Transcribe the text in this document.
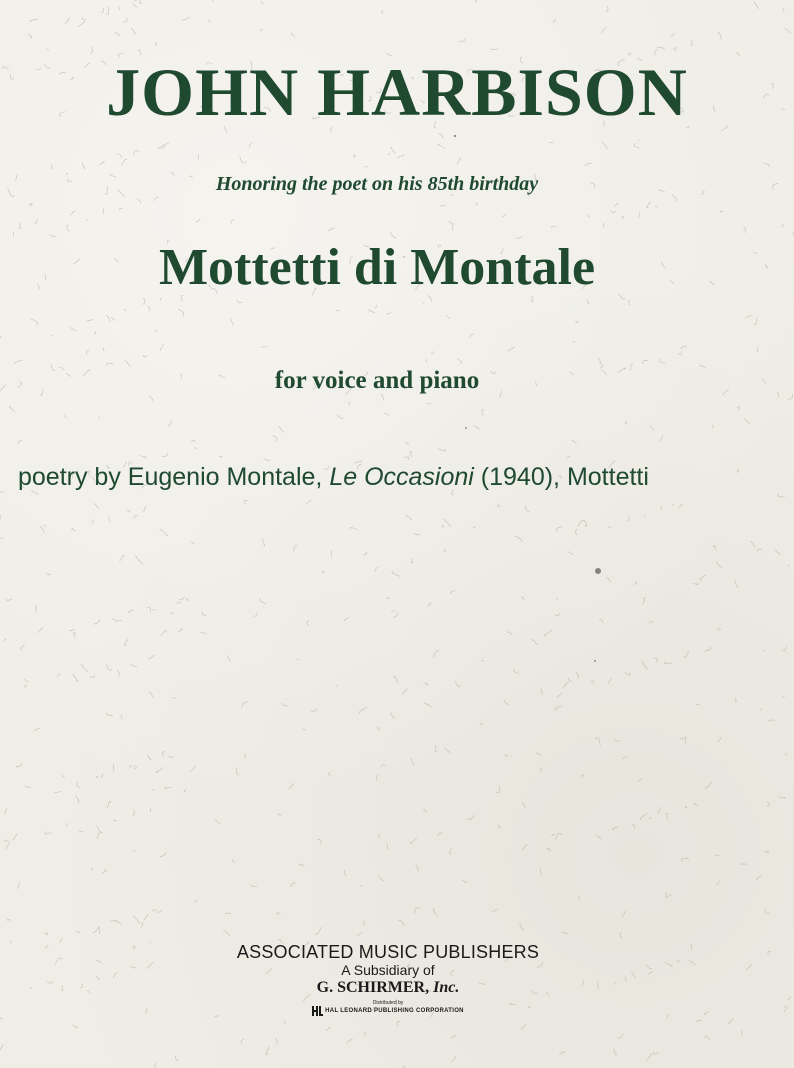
JOHN HARBISON
Honoring the poet on his 85th birthday
Mottetti di Montale
for voice and piano
poetry by Eugenio Montale, Le Occasioni (1940), Mottetti
ASSOCIATED MUSIC PUBLISHERS
A Subsidiary of
G. SCHIRMER, Inc.
Distributed by
HAL LEONARD PUBLISHING CORPORATION
